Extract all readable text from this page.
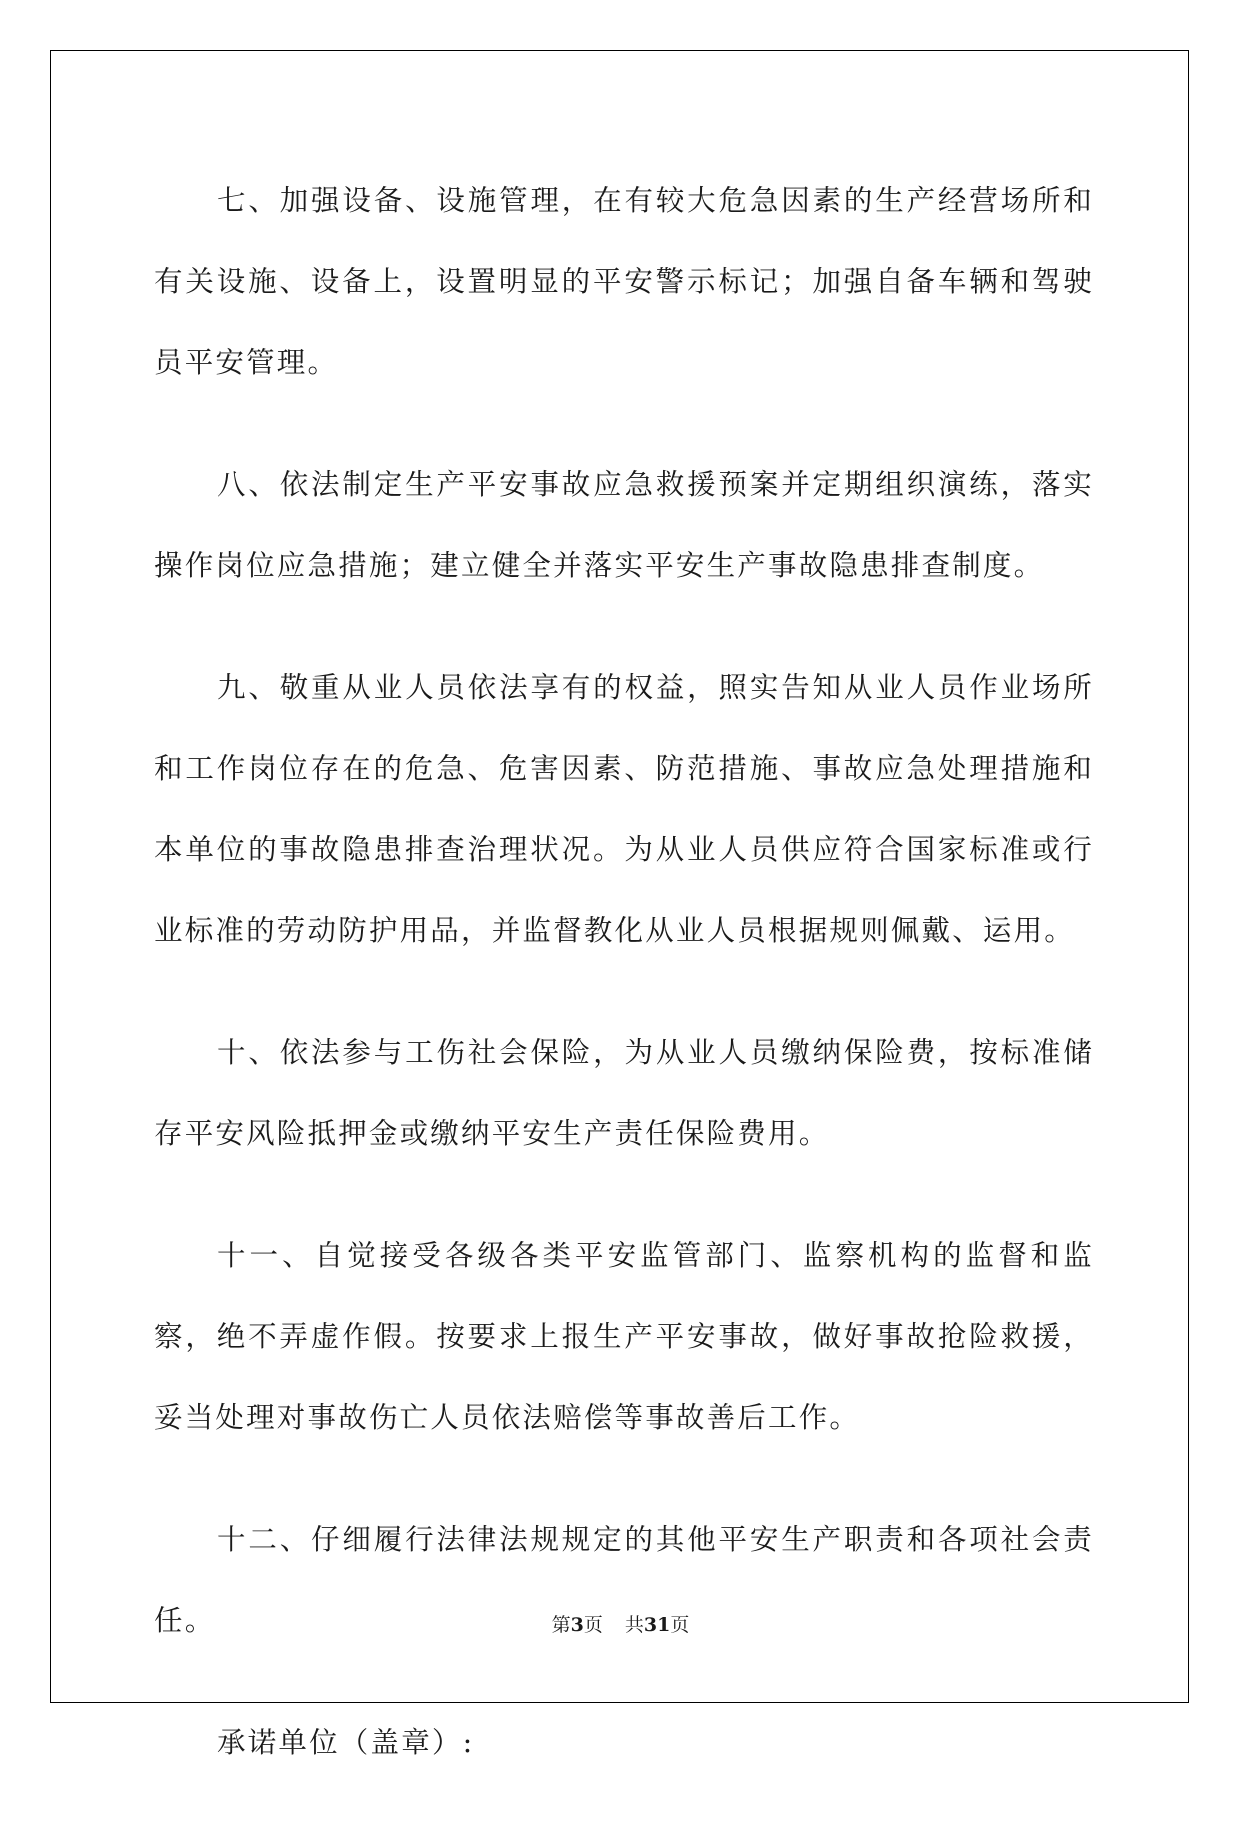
七、加强设备、设施管理，在有较大危急因素的生产经营场所和有关设施、设备上，设置明显的平安警示标记；加强自备车辆和驾驶员平安管理。

八、依法制定生产平安事故应急救援预案并定期组织演练，落实操作岗位应急措施；建立健全并落实平安生产事故隐患排查制度。

九、敬重从业人员依法享有的权益，照实告知从业人员作业场所和工作岗位存在的危急、危害因素、防范措施、事故应急处理措施和本单位的事故隐患排查治理状况。为从业人员供应符合国家标准或行业标准的劳动防护用品，并监督教化从业人员根据规则佩戴、运用。

十、依法参与工伤社会保险，为从业人员缴纳保险费，按标准储存平安风险抵押金或缴纳平安生产责任保险费用。

十一、自觉接受各级各类平安监管部门、监察机构的监督和监察，绝不弄虚作假。按要求上报生产平安事故，做好事故抢险救援，妥当处理对事故伤亡人员依法赔偿等事故善后工作。

十二、仔细履行法律法规规定的其他平安生产职责和各项社会责任。

承诺单位（盖章）:

第3页 共31页
